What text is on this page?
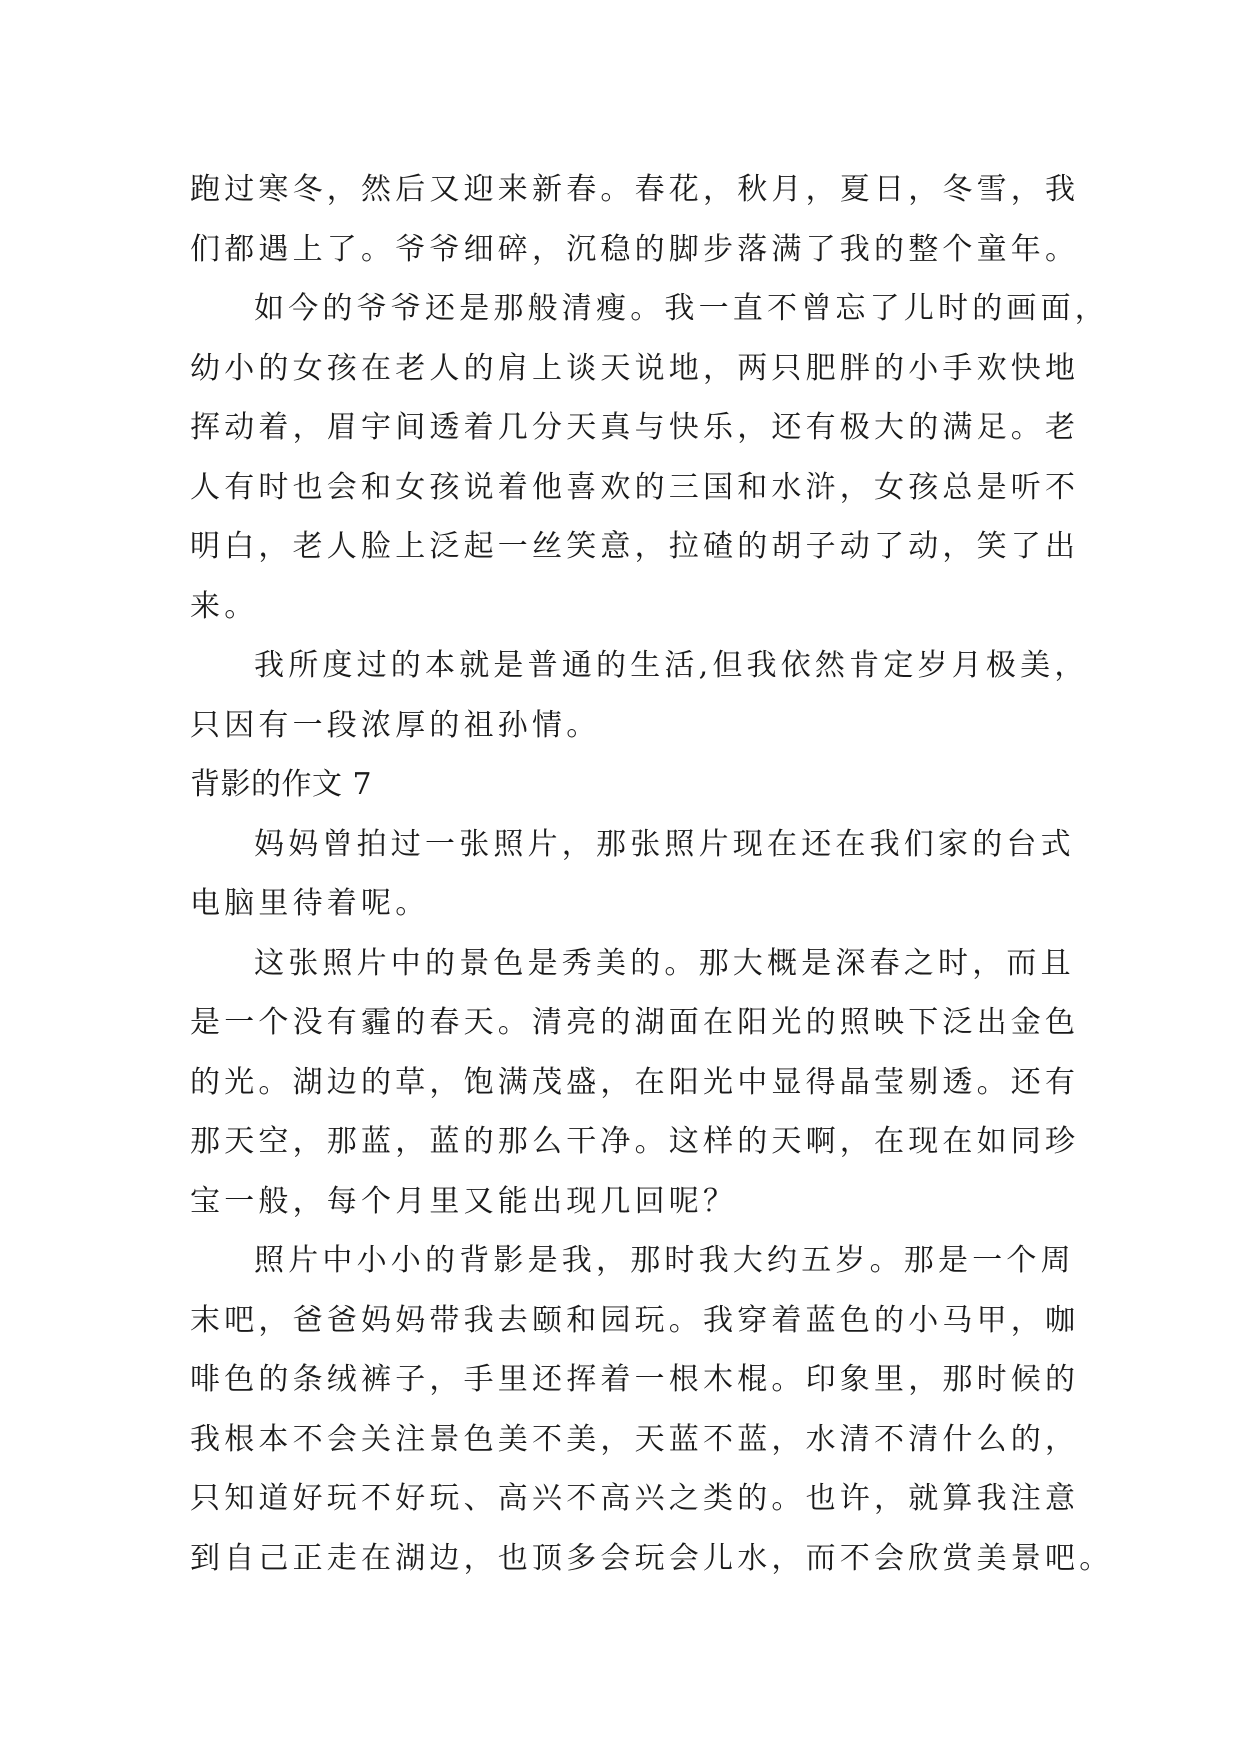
跑过寒冬，然后又迎来新春。春花，秋月，夏日，冬雪，我
们都遇上了。爷爷细碎，沉稳的脚步落满了我的整个童年。
如今的爷爷还是那般清瘦。我一直不曾忘了儿时的画面，
幼小的女孩在老人的肩上谈天说地，两只肥胖的小手欢快地
挥动着，眉宇间透着几分天真与快乐，还有极大的满足。老
人有时也会和女孩说着他喜欢的三国和水浒，女孩总是听不
明白，老人脸上泛起一丝笑意，拉碴的胡子动了动，笑了出
来。
我所度过的本就是普通的生活,但我依然肯定岁月极美，
只因有一段浓厚的祖孙情。
背影的作文 7
妈妈曾拍过一张照片，那张照片现在还在我们家的台式
电脑里待着呢。
这张照片中的景色是秀美的。那大概是深春之时，而且
是一个没有霾的春天。清亮的湖面在阳光的照映下泛出金色
的光。湖边的草，饱满茂盛，在阳光中显得晶莹剔透。还有
那天空，那蓝，蓝的那么干净。这样的天啊，在现在如同珍
宝一般，每个月里又能出现几回呢？
照片中小小的背影是我，那时我大约五岁。那是一个周
末吧，爸爸妈妈带我去颐和园玩。我穿着蓝色的小马甲，咖
啡色的条绒裤子，手里还挥着一根木棍。印象里，那时候的
我根本不会关注景色美不美，天蓝不蓝，水清不清什么的，
只知道好玩不好玩、高兴不高兴之类的。也许，就算我注意
到自己正走在湖边，也顶多会玩会儿水，而不会欣赏美景吧。
